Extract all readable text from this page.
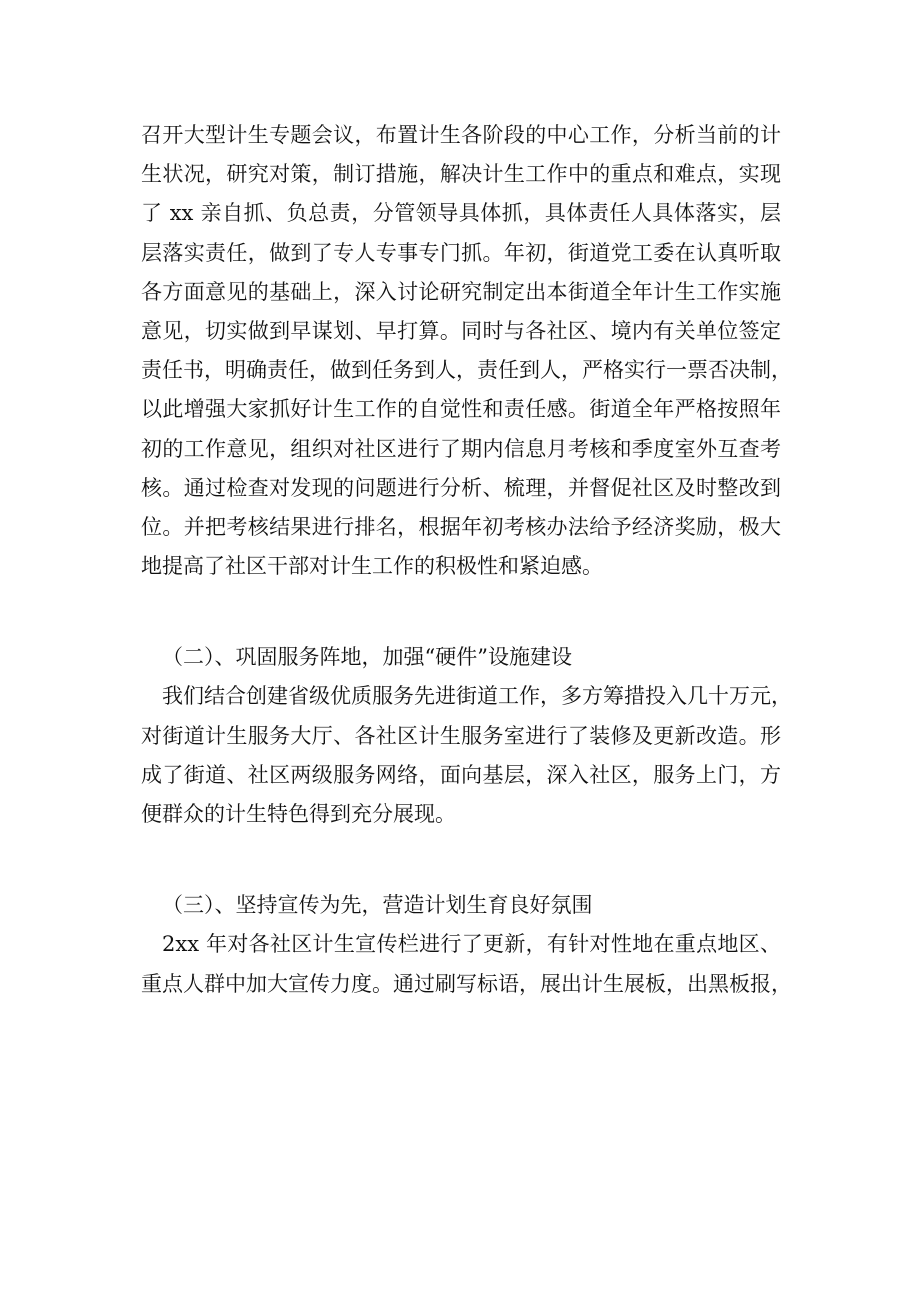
召开大型计生专题会议，布置计生各阶段的中心工作，分析当前的计
生状况，研究对策，制订措施，解决计生工作中的重点和难点，实现
了 xx 亲自抓、负总责，分管领导具体抓，具体责任人具体落实，层
层落实责任，做到了专人专事专门抓。年初，街道党工委在认真听取
各方面意见的基础上，深入讨论研究制定出本街道全年计生工作实施
意见，切实做到早谋划、早打算。同时与各社区、境内有关单位签定
责任书，明确责任，做到任务到人，责任到人，严格实行一票否决制，
以此增强大家抓好计生工作的自觉性和责任感。街道全年严格按照年
初的工作意见，组织对社区进行了期内信息月考核和季度室外互查考
核。通过检查对发现的问题进行分析、梳理，并督促社区及时整改到
位。并把考核结果进行排名，根据年初考核办法给予经济奖励，极大
地提高了社区干部对计生工作的积极性和紧迫感。
（二）、巩固服务阵地，加强“硬件”设施建设
我们结合创建省级优质服务先进街道工作，多方筹措投入几十万元，
对街道计生服务大厅、各社区计生服务室进行了装修及更新改造。形
成了街道、社区两级服务网络，面向基层，深入社区，服务上门，方
便群众的计生特色得到充分展现。
（三）、坚持宣传为先，营造计划生育良好氛围
2xx 年对各社区计生宣传栏进行了更新，有针对性地在重点地区、
重点人群中加大宣传力度。通过刷写标语，展出计生展板，出黑板报，
